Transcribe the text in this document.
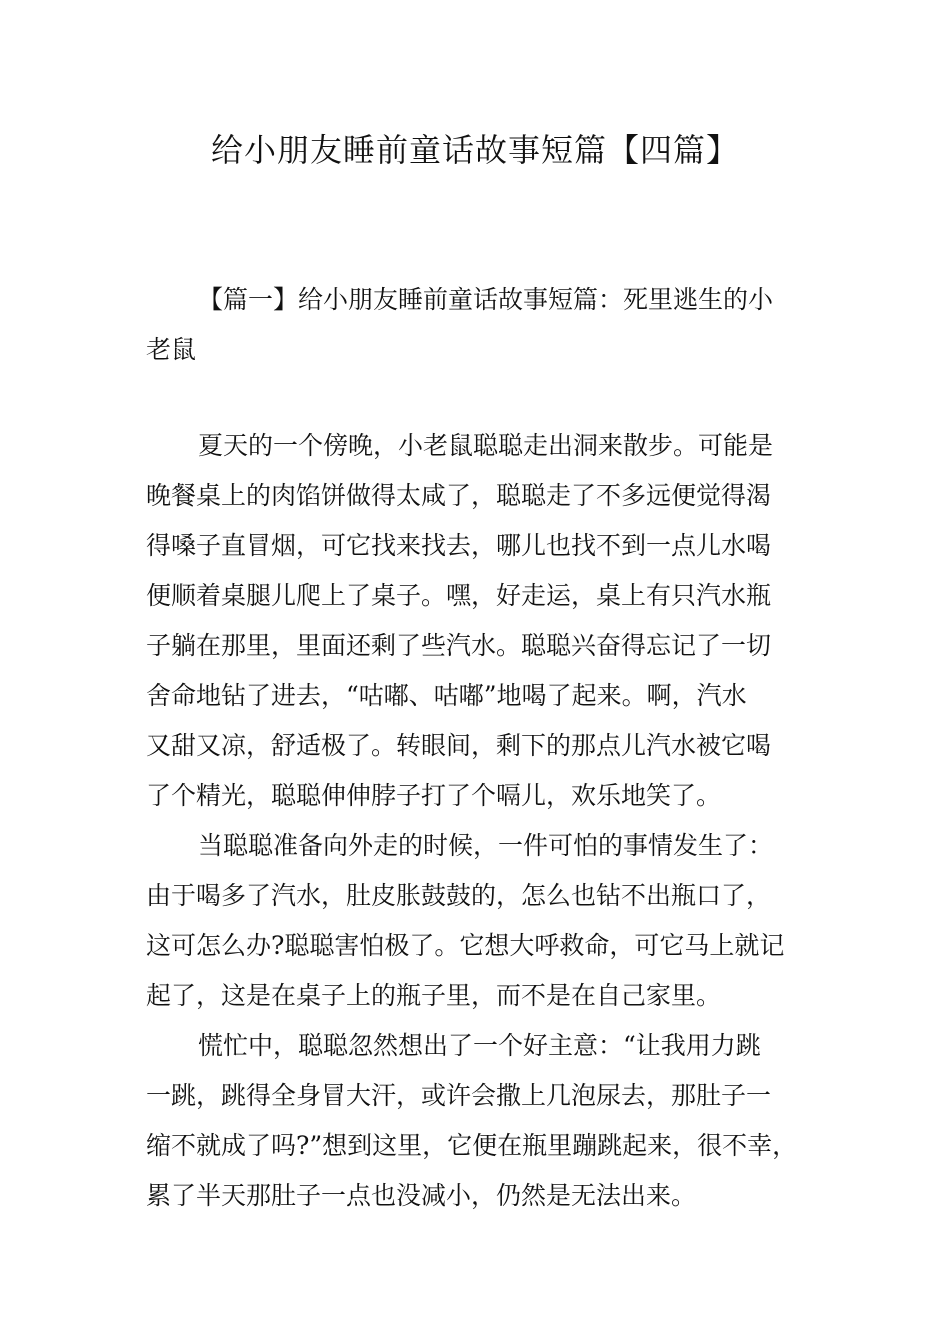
给小朋友睡前童话故事短篇【四篇】
【篇一】给小朋友睡前童话故事短篇：死里逃生的小
老鼠
夏天的一个傍晚，小老鼠聪聪走出洞来散步。可能是
晚餐桌上的肉馅饼做得太咸了，聪聪走了不多远便觉得渴
得嗓子直冒烟，可它找来找去，哪儿也找不到一点儿水喝
便顺着桌腿儿爬上了桌子。嘿，好走运，桌上有只汽水瓶
子躺在那里，里面还剩了些汽水。聪聪兴奋得忘记了一切
舍命地钻了进去，“咕嘟、咕嘟”地喝了起来。啊，汽水
又甜又凉，舒适极了。转眼间，剩下的那点儿汽水被它喝
了个精光，聪聪伸伸脖子打了个嗝儿，欢乐地笑了。
当聪聪准备向外走的时候，一件可怕的事情发生了：
由于喝多了汽水，肚皮胀鼓鼓的，怎么也钻不出瓶口了，
这可怎么办?聪聪害怕极了。它想大呼救命，可它马上就记
起了，这是在桌子上的瓶子里，而不是在自己家里。
慌忙中，聪聪忽然想出了一个好主意：“让我用力跳
一跳，跳得全身冒大汗，或许会撒上几泡尿去，那肚子一
缩不就成了吗?”想到这里，它便在瓶里蹦跳起来，很不幸，
累了半天那肚子一点也没减小，仍然是无法出来。
